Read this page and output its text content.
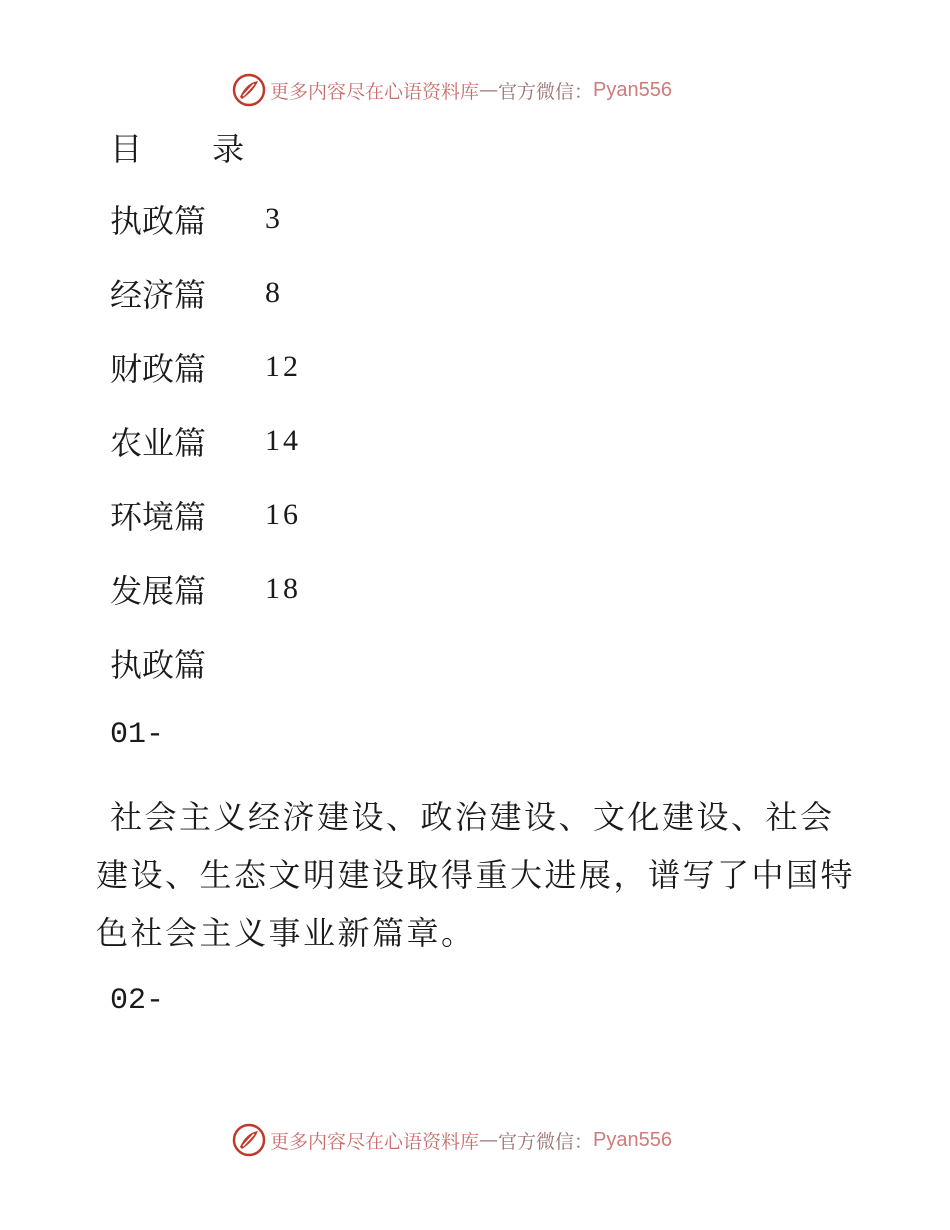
更多内容尽在心语资料库 — 官方微信： Pyan556
目 录
执政篇	3
经济篇	8
财政篇	12
农业篇	14
环境篇	16
发展篇	18
执政篇
01-
社会主义经济建设、政治建设、文化建设、社会建设、生态文明建设取得重大进展，谱写了中国特色社会主义事业新篇章。
02-
更多内容尽在心语资料库 — 官方微信： Pyan556
